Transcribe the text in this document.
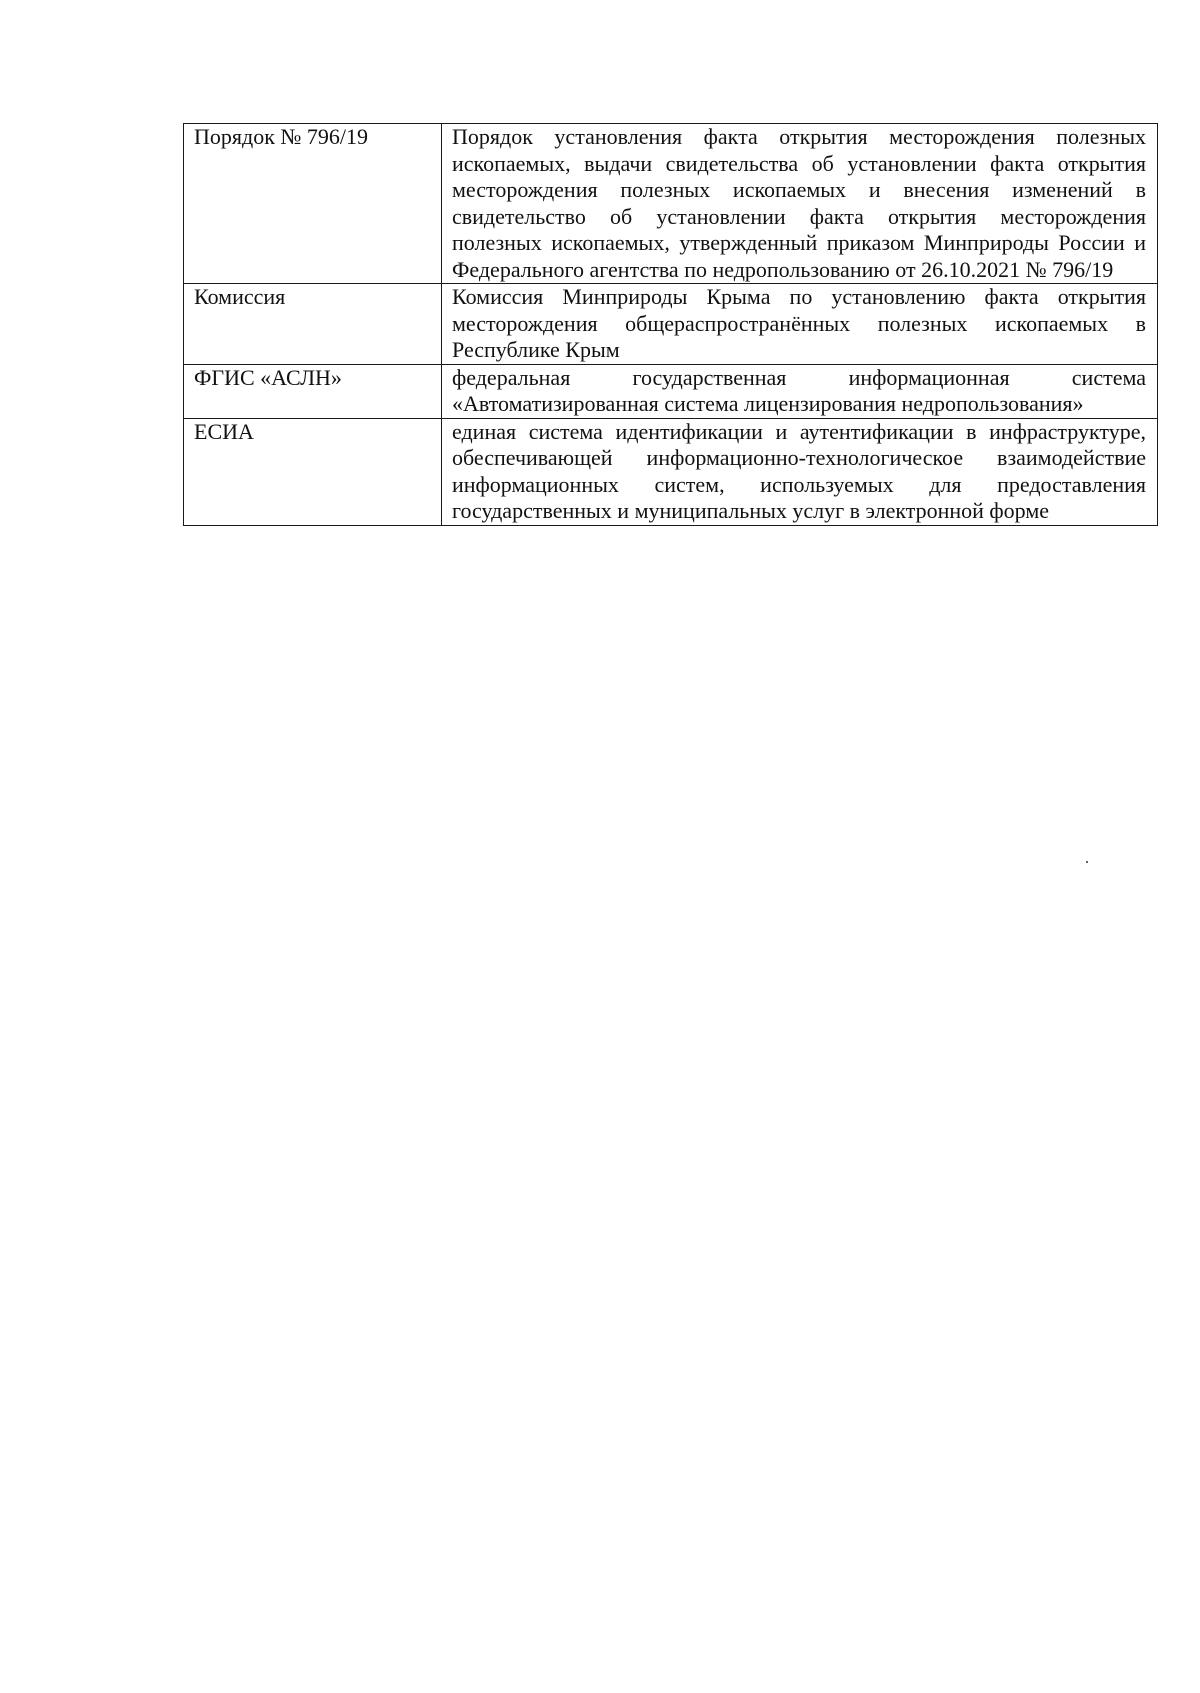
Порядок № 796/19	Порядок установления факта открытия месторождения полезных ископаемых, выдачи свидетельства об установлении факта открытия месторождения полезных ископаемых и внесения изменений в свидетельство об установлении факта открытия месторождения полезных ископаемых, утвержденный приказом Минприроды России и Федерального агентства по недропользованию от 26.10.2021 № 796/19

Комиссия	Комиссия Минприроды Крыма по установлению факта открытия месторождения общераспространённых полезных ископаемых в Республике Крым

ФГИС «АСЛН»	федеральная государственная информационная система «Автоматизированная система лицензирования недропользования»

ЕСИА	единая система идентификации и аутентификации в инфраструктуре, обеспечивающей информационно-технологическое взаимодействие информационных систем, используемых для предоставления государственных и муниципальных услуг в электронной форме
